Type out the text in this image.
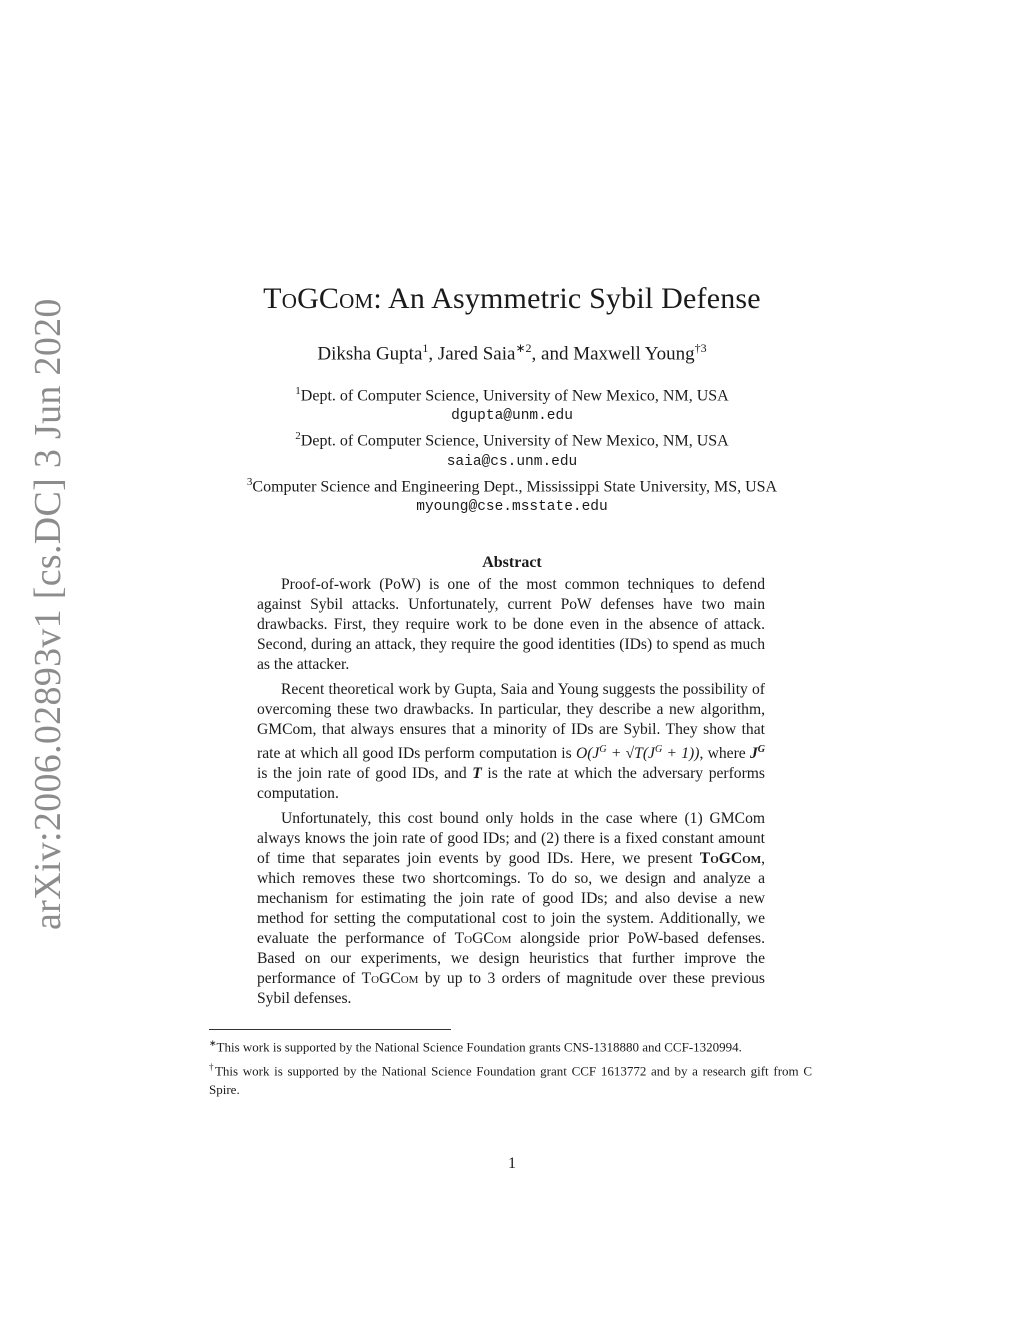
arXiv:2006.02893v1 [cs.DC] 3 Jun 2020	ToGCom: An Asymmetric Sybil Defense
Diksha Gupta$^1$, Jared Saia$^{∗2}$, and Maxwell Young$^{\dagger 3}$
$^1$Dept. of Computer Science, University of New Mexico, NM, USA
dgupta@unm.edu
$^2$Dept. of Computer Science, University of New Mexico, NM, USA
saia@cs.unm.edu
$^3$Computer Science and Engineering Dept., Mississippi State University, MS, USA
myoung@cse.msstate.edu
Abstract

Proof-of-work (PoW) is one of the most common techniques to defend against Sybil attacks. Unfortunately, current PoW defenses have two main drawbacks. First, they require work to be done even in the absence of attack. Second, during an attack, they require the good identities (IDs) to spend as much as the attacker.

Recent theoretical work by Gupta, Saia and Young suggests the possibility of overcoming these two drawbacks. In particular, they describe a new algorithm, GMCom, that always ensures that a minority of IDs are Sybil. They show that rate at which all good IDs perform computation is $O(J^G + √T(J^G + 1))$, where $J^G$ is the join rate of good IDs, and T is the rate at which the adversary performs computation.

Unfortunately, this cost bound only holds in the case where (1) GMCom always knows the join rate of good IDs; and (2) there is a fixed constant amount of time that separates join events by good IDs. Here, we present ToGCom, which removes these two shortcomings. To do so, we design and analyze a mechanism for estimating the join rate of good IDs; and also devise a new method for setting the computational cost to join the system. Additionally, we evaluate the performance of ToGCom alongside prior PoW-based defenses. Based on our experiments, we design heuristics that further improve the performance of ToGCom by up to 3 orders of magnitude over these previous Sybil defenses.

∗This work is supported by the National Science Foundation grants CNS-1318880 and CCF-1320994.

†This work is supported by the National Science Foundation grant CCF 1613772 and by a research gift from C Spire.

1
